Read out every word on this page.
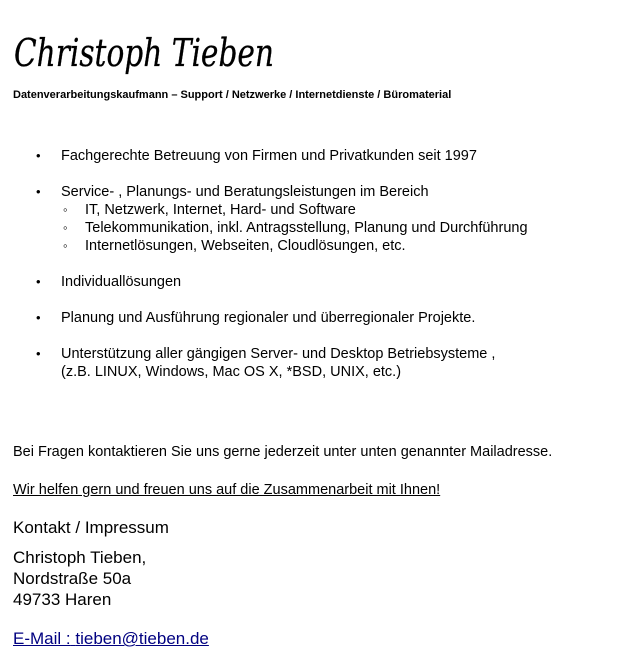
Christoph Tieben
Datenverarbeitungskaufmann – Support / Netzwerke / Internetdienste / Büromaterial
• Fachgerechte Betreuung von Firmen und Privatkunden seit 1997
• Service- , Planungs- und Beratungsleistungen im Bereich
◦ IT, Netzwerk, Internet, Hard- und Software
◦ Telekommunikation, inkl. Antragsstellung, Planung und Durchführung
◦ Internetlösungen, Webseiten, Cloudlösungen, etc.
• Individuallösungen
• Planung und Ausführung regionaler und überregionaler Projekte.
• Unterstützung aller gängigen Server- und Desktop Betriebsysteme ,
(z.B. LINUX, Windows, Mac OS X, *BSD, UNIX, etc.)
Bei Fragen kontaktieren Sie uns gerne jederzeit unter unten genannter Mailadresse.
Wir helfen gern und freuen uns auf die Zusammenarbeit mit Ihnen!
Kontakt / Impressum
Christoph Tieben,
Nordstraße 50a
49733 Haren
E-Mail : tieben@tieben.de
